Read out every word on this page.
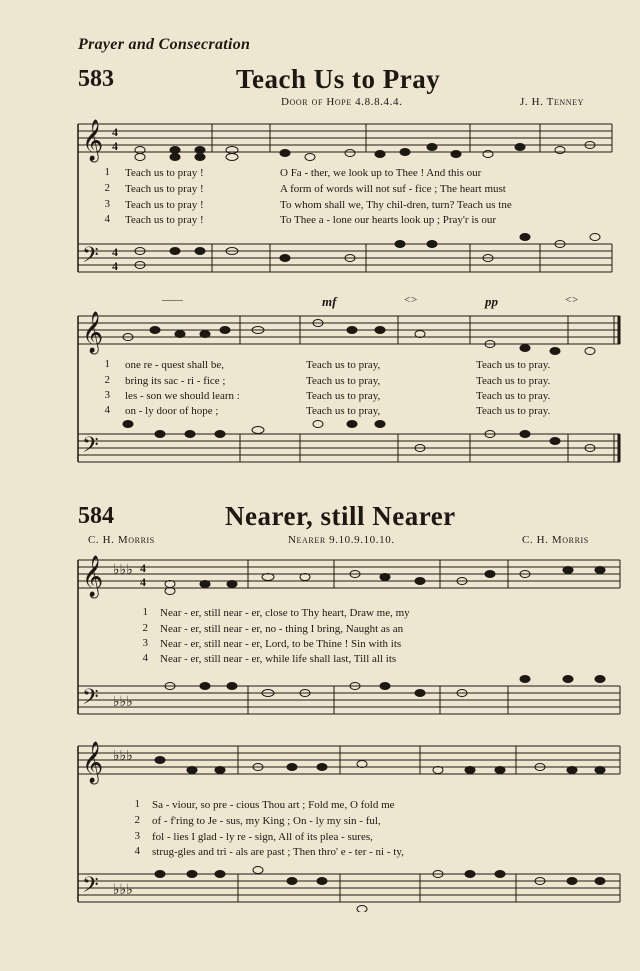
Prayer and Consecration
583	Teach Us to Pray
Door of Hope 4.8.8.4.4.	J. H. Tenney
𝄞 4
4
𝄢 4
4
1 Teach us to pray !	O Fa - ther, we look up to Thee ! And this our
2 Teach us to pray !	A form of words will not suf - fice ; The heart must
3 Teach us to pray !	To whom shall we, Thy chil-dren, turn? Teach us tne
4 Teach us to pray !	To Thee a - lone our hearts look up ; Pray'r is our
——	mf	< >	pp	< >
𝄞
𝄢
1 one re - quest shall be,	Teach us to pray,	Teach us to pray.
2 bring its sac - ri - fice ;	Teach us to pray,	Teach us to pray.
3 les - son we should learn :	Teach us to pray,	Teach us to pray.
4 on - ly door of hope ;	Teach us to pray,	Teach us to pray.
584	Nearer, still Nearer
C. H. Morris	Nearer 9.10.9.10.10.	C. H. Morris
𝄞 ♭♭♭ 4
4
𝄢 ♭♭♭
1 Near - er, still near - er, close to Thy heart, Draw me, my
2 Near - er, still near - er, no - thing I bring, Naught as an
3 Near - er, still near - er, Lord, to be Thine ! Sin with its
4 Near - er, still near - er, while life shall last, Till all its
𝄞 ♭♭♭
𝄢 ♭♭♭
1 Sa - viour, so pre - cious Thou art ; Fold me, O fold me
2 of - f'ring to Je - sus, my King ; On - ly my sin - ful,
3 fol - lies I glad - ly re - sign, All of its plea - sures,
4 strug-gles and tri - als are past ; Then thro' e - ter - ni - ty,
